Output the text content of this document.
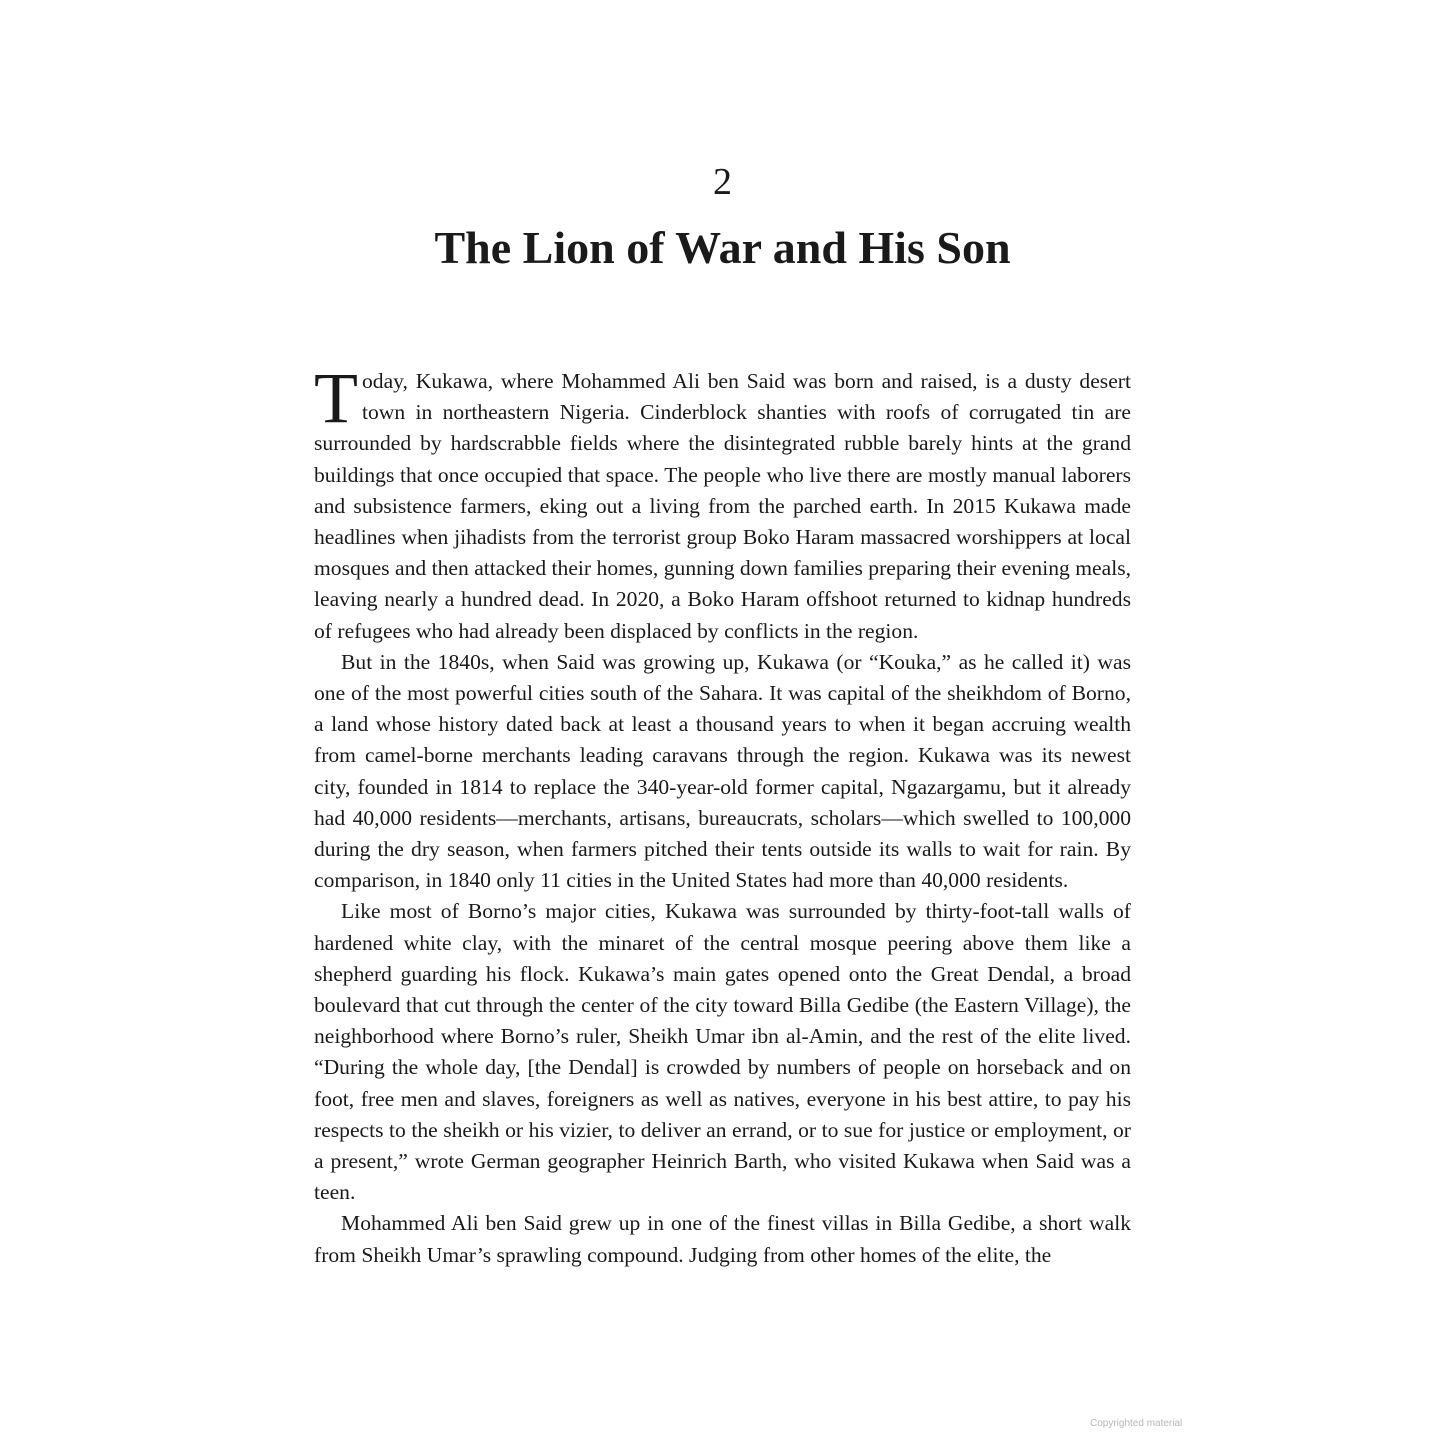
2
The Lion of War and His Son

Today, Kukawa, where Mohammed Ali ben Said was born and raised, is a dusty desert town in northeastern Nigeria. Cinderblock shanties with roofs of corrugated tin are surrounded by hardscrabble fields where the disintegrated rubble barely hints at the grand buildings that once occupied that space. The people who live there are mostly manual laborers and subsistence farmers, eking out a living from the parched earth. In 2015 Kukawa made headlines when jihadists from the terrorist group Boko Haram massacred worshippers at local mosques and then attacked their homes, gunning down families preparing their evening meals, leaving nearly a hundred dead. In 2020, a Boko Haram offshoot returned to kidnap hundreds of refugees who had already been displaced by conflicts in the region.

But in the 1840s, when Said was growing up, Kukawa (or “Kouka,” as he called it) was one of the most powerful cities south of the Sahara. It was capital of the sheikhdom of Borno, a land whose history dated back at least a thousand years to when it began accruing wealth from camel-borne merchants leading caravans through the region. Kukawa was its newest city, founded in 1814 to replace the 340-year-old former capital, Ngazargamu, but it already had 40,000 residents—merchants, artisans, bureaucrats, scholars—which swelled to 100,000 during the dry season, when farmers pitched their tents outside its walls to wait for rain. By comparison, in 1840 only 11 cities in the United States had more than 40,000 residents.

Like most of Borno’s major cities, Kukawa was surrounded by thirty-foot-tall walls of hardened white clay, with the minaret of the central mosque peering above them like a shepherd guarding his flock. Kukawa’s main gates opened onto the Great Dendal, a broad boulevard that cut through the center of the city toward Billa Gedibe (the Eastern Village), the neighborhood where Borno’s ruler, Sheikh Umar ibn al-Amin, and the rest of the elite lived. “During the whole day, [the Dendal] is crowded by numbers of people on horseback and on foot, free men and slaves, foreigners as well as natives, everyone in his best attire, to pay his respects to the sheikh or his vizier, to deliver an errand, or to sue for justice or employment, or a present,” wrote German geographer Heinrich Barth, who visited Kukawa when Said was a teen.

Mohammed Ali ben Said grew up in one of the finest villas in Billa Gedibe, a short walk from Sheikh Umar’s sprawling compound. Judging from other homes of the elite, the

Copyrighted material
